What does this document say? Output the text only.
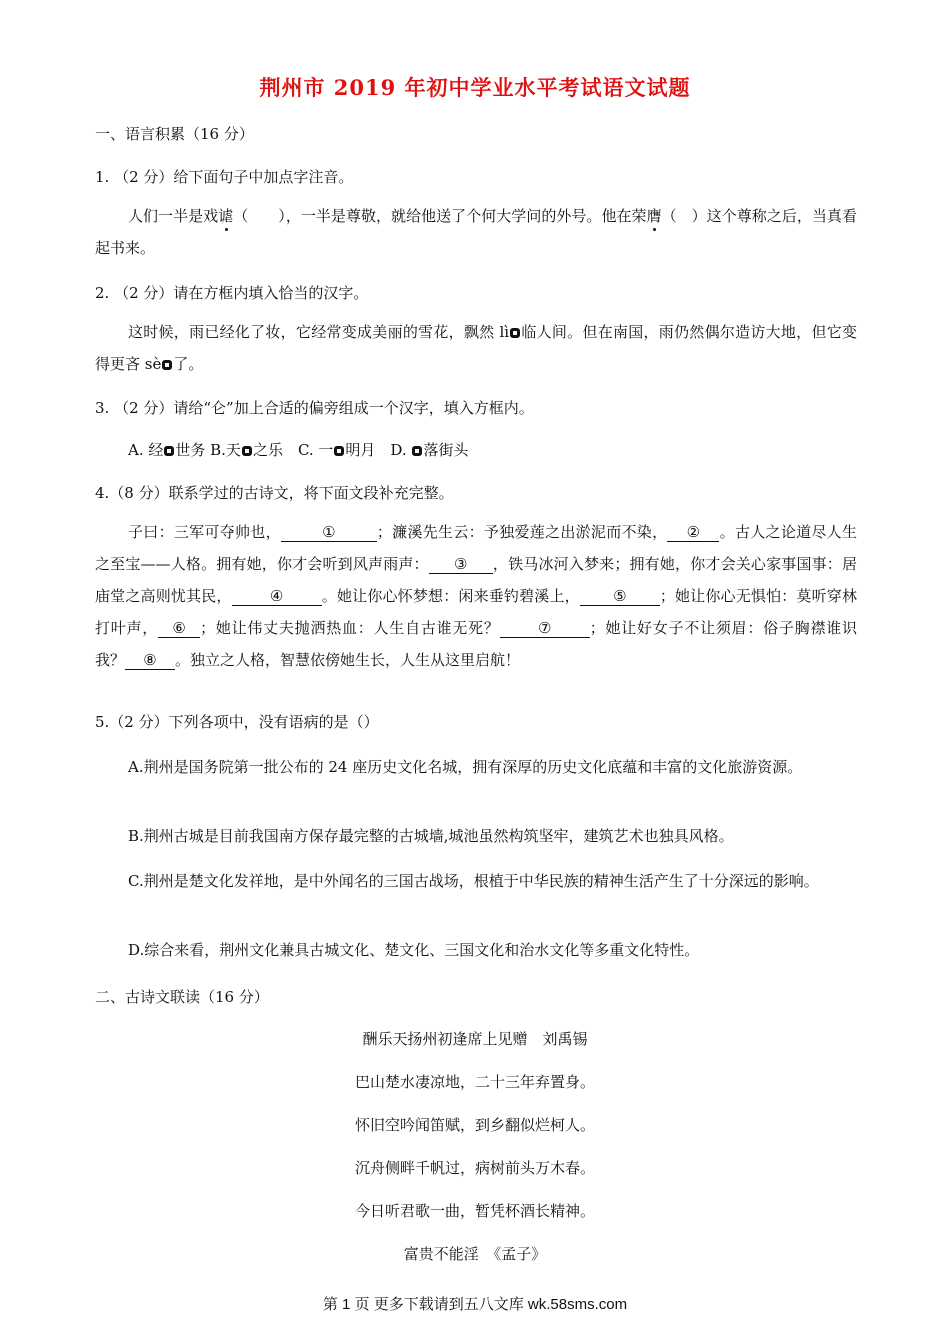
荆州市 2019 年初中学业水平考试语文试题
一、语言积累（16 分）
1. （2 分）给下面句子中加点字注音。
人们一半是戏谑（　　），一半是尊敬，就给他送了个何大学问的外号。他在荣膺（　）这个尊称之后，当真看起书来。
2. （2 分）请在方框内填入恰当的汉字。
这时候，雨已经化了妆，它经常变成美丽的雪花，飘然 lì 临人间。但在南国，雨仍然偶尔造访大地，但它变得更吝 sè 了。
3. （2 分）请给“仑”加上合适的偏旁组成一个汉字，填入方框内。
A. 经 世务 B.天 之乐　C. 一 明月　D. 落街头
4.（8 分）联系学过的古诗文，将下面文段补充完整。
子曰：三军可夺帅也，	①	；濂溪先生云：予独爱莲之出淤泥而不染， ② 。古人之论道尽人生之至宝——人格。拥有她，你才会听到风声雨声： ③ ，铁马冰河入梦来；拥有她，你才会关心家事国事：居庙堂之高则忧其民，	④	。她让你心怀梦想：闲来垂钓碧溪上， ⑤ ；她让你心无惧怕：莫听穿林打叶声， ⑥ ；她让伟丈夫抛洒热血：人生自古谁无死？	⑦	；她让好女子不让须眉：俗子胸襟谁识我？ ⑧ 。独立之人格，智慧依傍她生长，人生从这里启航！
5.（2 分）下列各项中，没有语病的是（）
A.荆州是国务院第一批公布的 24 座历史文化名城，拥有深厚的历史文化底蕴和丰富的文化旅游资源。
B.荆州古城是目前我国南方保存最完整的古城墙,城池虽然构筑坚牢，建筑艺术也独具风格。
C.荆州是楚文化发祥地，是中外闻名的三国古战场，根植于中华民族的精神生活产生了十分深远的影响。
D.综合来看，荆州文化兼具古城文化、楚文化、三国文化和治水文化等多重文化特性。
二、古诗文联读（16 分）
酬乐天扬州初逢席上见赠　刘禹锡
巴山楚水凄凉地，二十三年弃置身。
怀旧空吟闻笛赋，到乡翻似烂柯人。
沉舟侧畔千帆过，病树前头万木春。
今日听君歌一曲，暂凭杯酒长精神。
富贵不能淫　《孟子》
第 1 页 更多下载请到五八文库 wk.58sms.com
